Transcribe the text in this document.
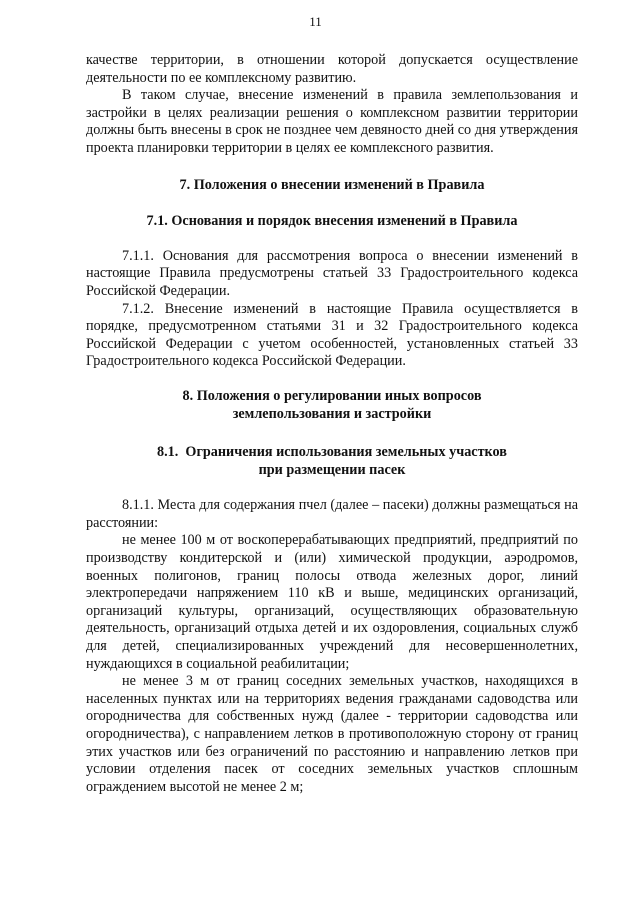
11

качестве территории, в отношении которой допускается осуществление деятельности по ее комплексному развитию.

В таком случае, внесение изменений в правила землепользования и застройки в целях реализации решения о комплексном развитии территории должны быть внесены в срок не позднее чем девяносто дней со дня утверждения проекта планировки территории в целях ее комплексного развития.

7. Положения о внесении изменений в Правила
7.1. Основания и порядок внесения изменений в Правила

7.1.1. Основания для рассмотрения вопроса о внесении изменений в настоящие Правила предусмотрены статьей 33 Градостроительного кодекса Российской Федерации.

7.1.2. Внесение изменений в настоящие Правила осуществляется в порядке, предусмотренном статьями 31 и 32 Градостроительного кодекса Российской Федерации с учетом особенностей, установленных статьей 33 Градостроительного кодекса Российской Федерации.

8. Положения о регулировании иных вопросов
землепользования и застройки
8.1.  Ограничения использования земельных участков
при размещении пасек

8.1.1. Места для содержания пчел (далее – пасеки) должны размещаться на расстоянии:

не менее 100 м от воскоперерабатывающих предприятий, предприятий по производству кондитерской и (или) химической продукции, аэродромов, военных полигонов, границ полосы отвода железных дорог, линий электропередачи напряжением 110 кВ и выше, медицинских организаций, организаций культуры, организаций, осуществляющих образовательную деятельность, организаций отдыха детей и их оздоровления, социальных служб для детей, специализированных учреждений для несовершеннолетних, нуждающихся в социальной реабилитации;

не менее 3 м от границ соседних земельных участков, находящихся в населенных пунктах или на территориях ведения гражданами садоводства или огородничества для собственных нужд (далее - территории садоводства или огородничества), с направлением летков в противоположную сторону от границ этих участков или без ограничений по расстоянию и направлению летков при условии отделения пасек от соседних земельных участков сплошным ограждением высотой не менее 2 м;
